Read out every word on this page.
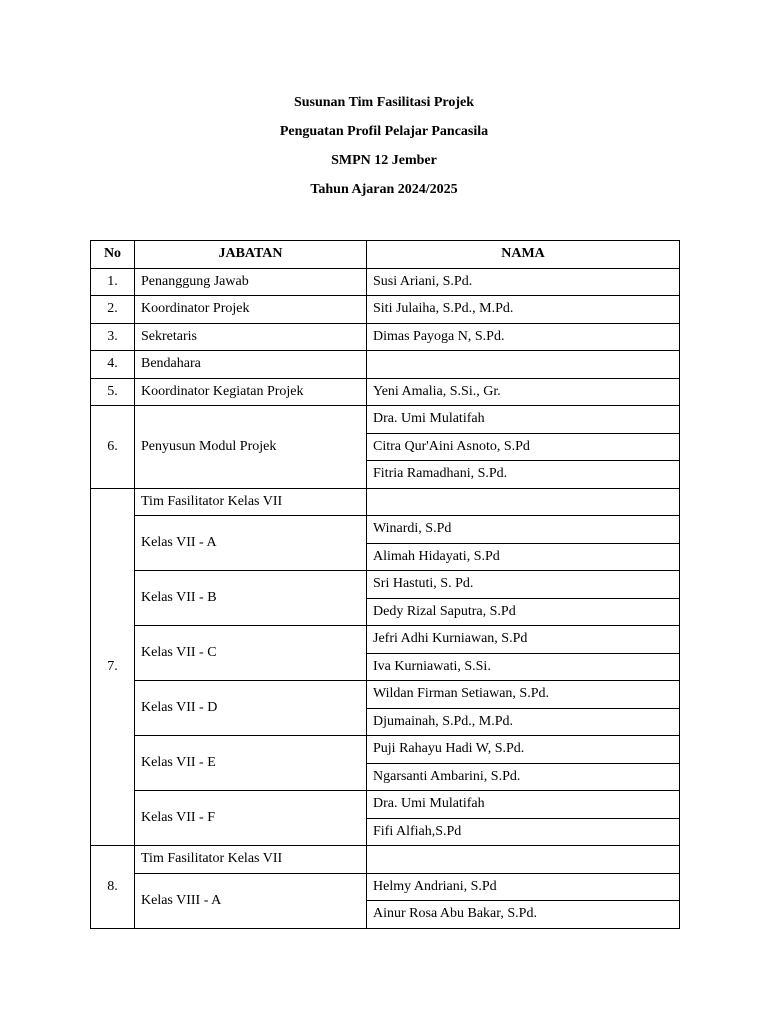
Susunan Tim Fasilitasi Projek
Penguatan Profil Pelajar Pancasila
SMPN 12 Jember
Tahun Ajaran 2024/2025
No	JABATAN	NAMA
1.	Penanggung Jawab	Susi Ariani, S.Pd.
2.	Koordinator Projek	Siti Julaiha, S.Pd., M.Pd.
3.	Sekretaris	Dimas Payoga N, S.Pd.
4.	Bendahara	
5.	Koordinator Kegiatan Projek	Yeni Amalia, S.Si., Gr.
6.	Penyusun Modul Projek	Dra. Umi Mulatifah
		Citra Qur'Aini Asnoto, S.Pd
		Fitria Ramadhani, S.Pd.
7.	Tim Fasilitator Kelas VII	
	Kelas VII - A	Winardi, S.Pd
		Alimah Hidayati, S.Pd
	Kelas VII - B	Sri Hastuti, S. Pd.
		Dedy Rizal Saputra, S.Pd
	Kelas VII - C	Jefri Adhi Kurniawan, S.Pd
		Iva Kurniawati, S.Si.
	Kelas VII - D	Wildan Firman Setiawan, S.Pd.
		Djumainah, S.Pd., M.Pd.
	Kelas VII - E	Puji Rahayu Hadi W, S.Pd.
		Ngarsanti Ambarini, S.Pd.
	Kelas VII - F	Dra. Umi Mulatifah
		Fifi Alfiah,S.Pd
8.	Tim Fasilitator Kelas VII	
	Kelas VIII - A	Helmy Andriani, S.Pd
		Ainur Rosa Abu Bakar, S.Pd.
